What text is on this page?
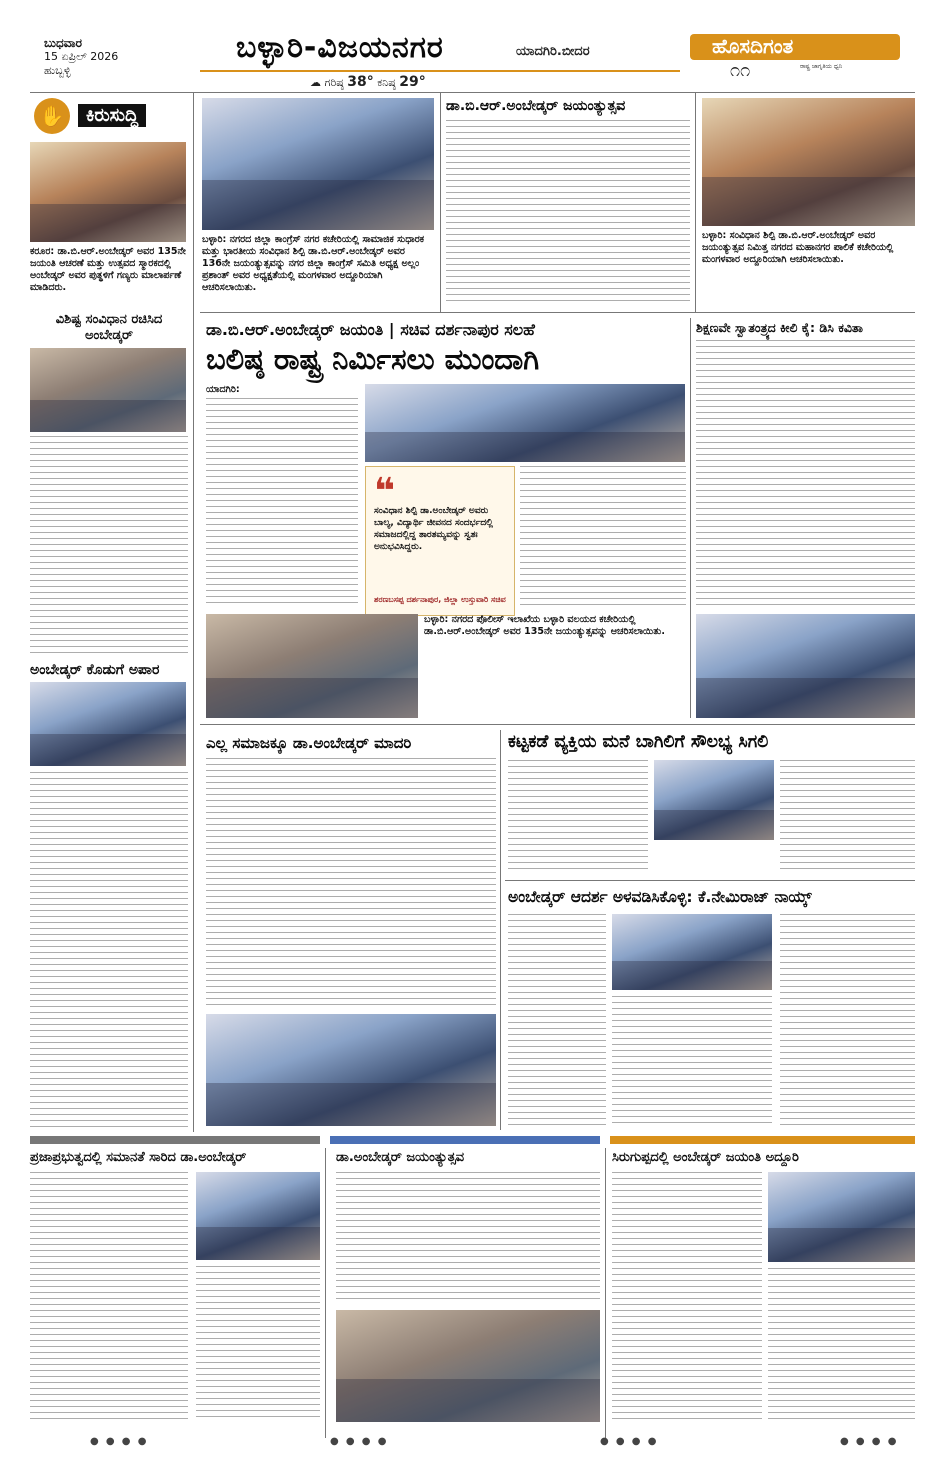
ಬುಧವಾರ
15 ಏಪ್ರಿಲ್ 2026
ಹುಬ್ಬಳ್ಳಿ
ಬಳ್ಳಾರಿ-ವಿಜಯನಗರ	ಯಾದಗಿರಿ.ಬೀದರ
☁ ಗರಿಷ್ಠ 38° ಕನಿಷ್ಠ 29°
ಹೊಸದಿಗಂತ
ರಾಷ್ಟ್ರ ಜಾಗೃತಿಯ ಧ್ವನಿ
೧೧
✋	ಕಿರುಸುದ್ದಿ
ಕರೂರ: ಡಾ.ಬಿ.ಆರ್.ಅಂಬೇಡ್ಕರ್ ಅವರ 135ನೇ ಜಯಂತಿ ಆಚರಣೆ ಮತ್ತು ಉತ್ಸವದ ಸ್ಮಾರಕದಲ್ಲಿ ಅಂಬೇಡ್ಕರ್ ಅವರ ಪುತ್ಥಳಿಗೆ ಗಣ್ಯರು ಮಾಲಾರ್ಪಣೆ ಮಾಡಿದರು.
ವಿಶಿಷ್ಟ ಸಂವಿಧಾನ ರಚಿಸಿದ ಅಂಬೇಡ್ಕರ್
ಅಂಬೇಡ್ಕರ್ ಕೊಡುಗೆ ಅಪಾರ
ಬಳ್ಳಾರಿ: ನಗರದ ಜಿಲ್ಲಾ ಕಾಂಗ್ರೆಸ್ ನಗರ ಕಚೇರಿಯಲ್ಲಿ ಸಾಮಾಜಿಕ ಸುಧಾರಕ ಮತ್ತು ಭಾರತೀಯ ಸಂವಿಧಾನ ಶಿಲ್ಪಿ ಡಾ.ಬಿ.ಆರ್.ಅಂಬೇಡ್ಕರ್ ಅವರ 136ನೇ ಜಯಂತ್ಯುತ್ಸವನ್ನು ನಗರ ಜಿಲ್ಲಾ ಕಾಂಗ್ರೆಸ್ ಸಮಿತಿ ಅಧ್ಯಕ್ಷ ಅಲ್ಲಂ ಪ್ರಶಾಂತ್ ಅವರ ಅಧ್ಯಕ್ಷತೆಯಲ್ಲಿ ಮಂಗಳವಾರ ಅದ್ದೂರಿಯಾಗಿ ಆಚರಿಸಲಾಯಿತು.
ಡಾ.ಬಿ.ಆರ್.ಅಂಬೇಡ್ಕರ್ ಜಯಂತ್ಯುತ್ಸವ
ಬಳ್ಳಾರಿ: ಸಂವಿಧಾನ ಶಿಲ್ಪಿ ಡಾ.ಬಿ.ಆರ್.ಅಂಬೇಡ್ಕರ್ ಅವರ ಜಯಂತ್ಯುತ್ಸವ ನಿಮಿತ್ತ ನಗರದ ಮಹಾನಗರ ಪಾಲಿಕೆ ಕಚೇರಿಯಲ್ಲಿ ಮಂಗಳವಾರ ಅದ್ದೂರಿಯಾಗಿ ಆಚರಿಸಲಾಯಿತು.
ಡಾ.ಬಿ.ಆರ್.ಅಂಬೇಡ್ಕರ್ ಜಯಂತಿ | ಸಚಿವ ದರ್ಶನಾಪುರ ಸಲಹೆ
ಬಲಿಷ್ಠ ರಾಷ್ಟ್ರ ನಿರ್ಮಿಸಲು ಮುಂದಾಗಿ
ಯಾದಗಿರಿ:
❝
ಸಂವಿಧಾನ ಶಿಲ್ಪಿ ಡಾ.ಅಂಬೇಡ್ಕರ್ ಅವರು ಬಾಲ್ಯ, ವಿದ್ಯಾರ್ಥಿ ಜೀವನದ ಸಂದರ್ಭದಲ್ಲಿ ಸಮಾಜದಲ್ಲಿದ್ದ ತಾರತಮ್ಯವನ್ನು ಸ್ವತಃ ಅನುಭವಿಸಿದ್ದರು.
ಶರಣಬಸಪ್ಪ ದರ್ಶನಾಪುರ, ಜಿಲ್ಲಾ ಉಸ್ತುವಾರಿ ಸಚಿವ
ಬಳ್ಳಾರಿ: ನಗರದ ಪೊಲೀಸ್ ಇಲಾಖೆಯ ಬಳ್ಳಾರಿ ವಲಯದ ಕಚೇರಿಯಲ್ಲಿ ಡಾ.ಬಿ.ಆರ್.ಅಂಬೇಡ್ಕರ್ ಅವರ 135ನೇ ಜಯಂತ್ಯುತ್ಸವನ್ನು ಆಚರಿಸಲಾಯಿತು.
ಶಿಕ್ಷಣವೇ ಸ್ವಾತಂತ್ರ್ಯದ ಕೀಲಿ ಕೈ: ಡಿಸಿ ಕವಿತಾ
ಎಲ್ಲ ಸಮಾಜಕ್ಕೂ ಡಾ.ಅಂಬೇಡ್ಕರ್ ಮಾದರಿ	ಕಟ್ಟಕಡೆ ವ್ಯಕ್ತಿಯ ಮನೆ ಬಾಗಿಲಿಗೆ ಸೌಲಭ್ಯ ಸಿಗಲಿ
ಅಂಬೇಡ್ಕರ್ ಆದರ್ಶ ಅಳವಡಿಸಿಕೊಳ್ಳಿ: ಕೆ.ನೇಮಿರಾಜ್ ನಾಯ್ಕ್
ಪ್ರಜಾಪ್ರಭುತ್ವದಲ್ಲಿ ಸಮಾನತೆ ಸಾರಿದ ಡಾ.ಅಂಬೇಡ್ಕರ್	ಡಾ.ಅಂಬೇಡ್ಕರ್ ಜಯಂತ್ಯುತ್ಸವ	ಸಿರುಗುಪ್ಪದಲ್ಲಿ ಅಂಬೇಡ್ಕರ್ ಜಯಂತಿ ಅದ್ದೂರಿ
● ● ● ●	● ● ● ●	● ● ● ●	● ● ● ●
